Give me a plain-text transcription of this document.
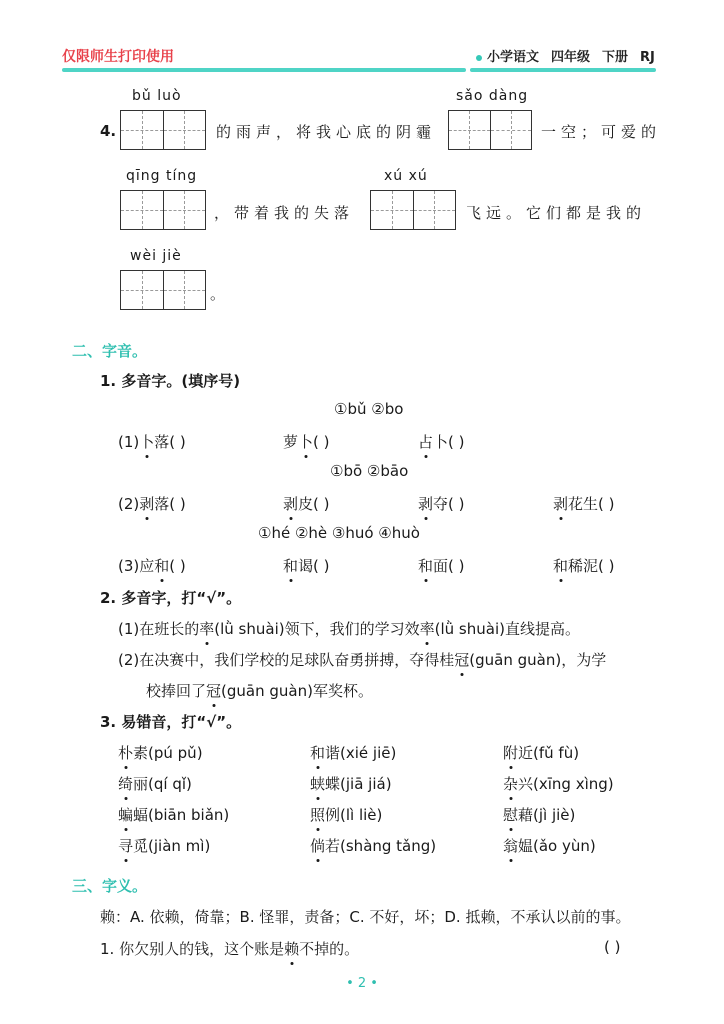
仅限师生打印使用	小学语文 四年级 下册 RJ
bǔ luò	sǎo dàng
4.	的雨声，将我心底的阴霾	一空；可爱的
qīng tíng	xú xú
，带着我的失落	飞远。它们都是我的
wèi jiè
。
二、字音。
1. 多音字。(填序号)
①bǔ ②bo
(1)卜落( )	萝卜( )	占卜( )
①bō ②bāo
(2)剥落( )	剥皮( )	剥夺( )	剥花生( )
①hé ②hè ③huó ④huò
(3)应和( )	和谒( )	和面( )	和稀泥( )
2. 多音字，打“√”。
(1)在班长的率(lǜ shuài)领下，我们的学习效率(lǜ shuài)直线提高。
(2)在决赛中，我们学校的足球队奋勇拼搏，夺得桂冠(guān guàn)，为学
校捧回了冠(guān guàn)军奖杯。
3. 易错音，打“√”。
朴素(pú pǔ)	和谐(xié jiē)	附近(fǔ fù)
绮丽(qí qǐ)	蛱蝶(jiā jiá)	杂兴(xīng xìng)
蝙蝠(biān biǎn)	照例(lì liè)	慰藉(jì jiè)
寻觅(jiàn mì)	倘若(shàng tǎng)	翁媪(ǎo yùn)
三、字义。
赖：A. 依赖，倚靠；B. 怪罪，责备；C. 不好，坏；D. 抵赖，不承认以前的事。
1. 你欠别人的钱，这个账是赖不掉的。	( )
• 2 •
